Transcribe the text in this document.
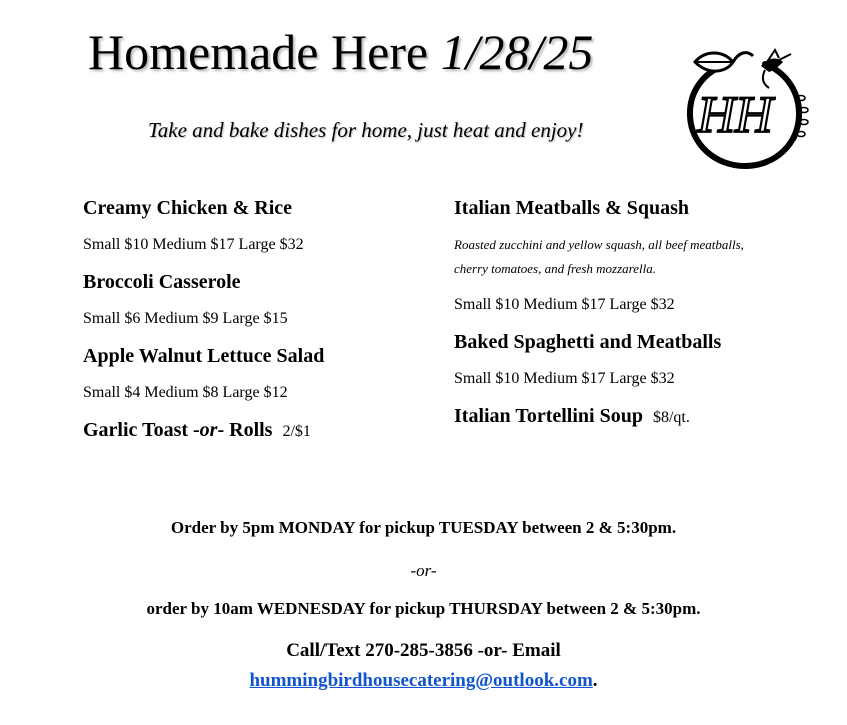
Homemade Here 1/28/25
Take and bake dishes for home, just heat and enjoy! HH
Creamy Chicken & Rice
Small $10 Medium $17 Large $32
Broccoli Casserole
Small $6 Medium $9 Large $15
Apple Walnut Lettuce Salad
Small $4 Medium $8 Large $12
Garlic Toast -or- Rolls 2/$1
Italian Meatballs & Squash
Roasted zucchini and yellow squash, all beef meatballs, cherry tomatoes, and fresh mozzarella.
Small $10 Medium $17 Large $32
Baked Spaghetti and Meatballs
Small $10 Medium $17 Large $32
Italian Tortellini Soup $8/qt.
Order by 5pm MONDAY for pickup TUESDAY between 2 & 5:30pm.
-or-
order by 10am WEDNESDAY for pickup THURSDAY between 2 & 5:30pm.
Call/Text 270-285-3856 -or- Email
hummingbirdhousecatering@outlook.com.
